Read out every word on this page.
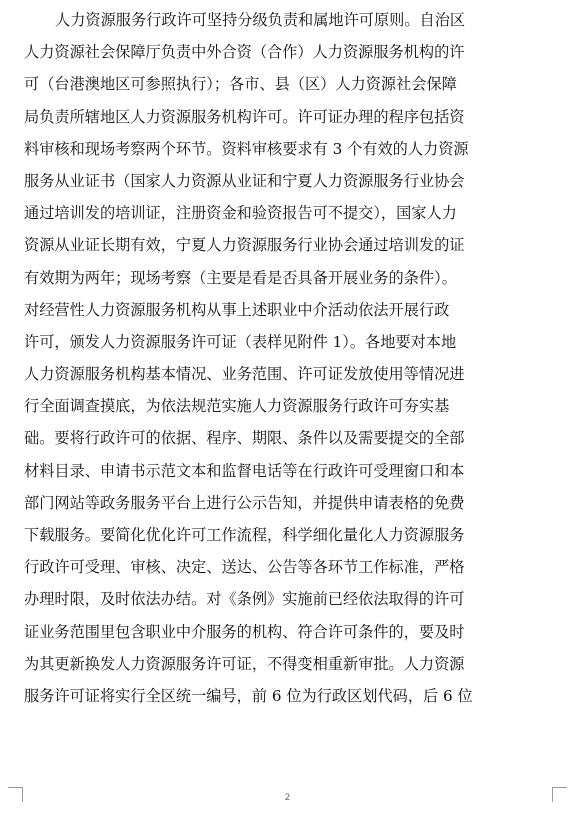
人力资源服务行政许可坚持分级负责和属地许可原则。自治区
人力资源社会保障厅负责中外合资（合作）人力资源服务机构的许
可（台港澳地区可参照执行）；各市、县（区）人力资源社会保障
局负责所辖地区人力资源服务机构许可。许可证办理的程序包括资
料审核和现场考察两个环节。资料审核要求有 3 个有效的人力资源
服务从业证书（国家人力资源从业证和宁夏人力资源服务行业协会
通过培训发的培训证，注册资金和验资报告可不提交），国家人力
资源从业证长期有效，宁夏人力资源服务行业协会通过培训发的证
有效期为两年；现场考察（主要是看是否具备开展业务的条件）。
对经营性人力资源服务机构从事上述职业中介活动依法开展行政
许可，颁发人力资源服务许可证（表样见附件 1）。各地要对本地
人力资源服务机构基本情况、业务范围、许可证发放使用等情况进
行全面调查摸底，为依法规范实施人力资源服务行政许可夯实基
础。要将行政许可的依据、程序、期限、条件以及需要提交的全部
材料目录、申请书示范文本和监督电话等在行政许可受理窗口和本
部门网站等政务服务平台上进行公示告知，并提供申请表格的免费
下载服务。要简化优化许可工作流程，科学细化量化人力资源服务
行政许可受理、审核、决定、送达、公告等各环节工作标准，严格
办理时限，及时依法办结。对《条例》实施前已经依法取得的许可
证业务范围里包含职业中介服务的机构、符合许可条件的，要及时
为其更新换发人力资源服务许可证，不得变相重新审批。人力资源
服务许可证将实行全区统一编号，前 6 位为行政区划代码，后 6 位
2
